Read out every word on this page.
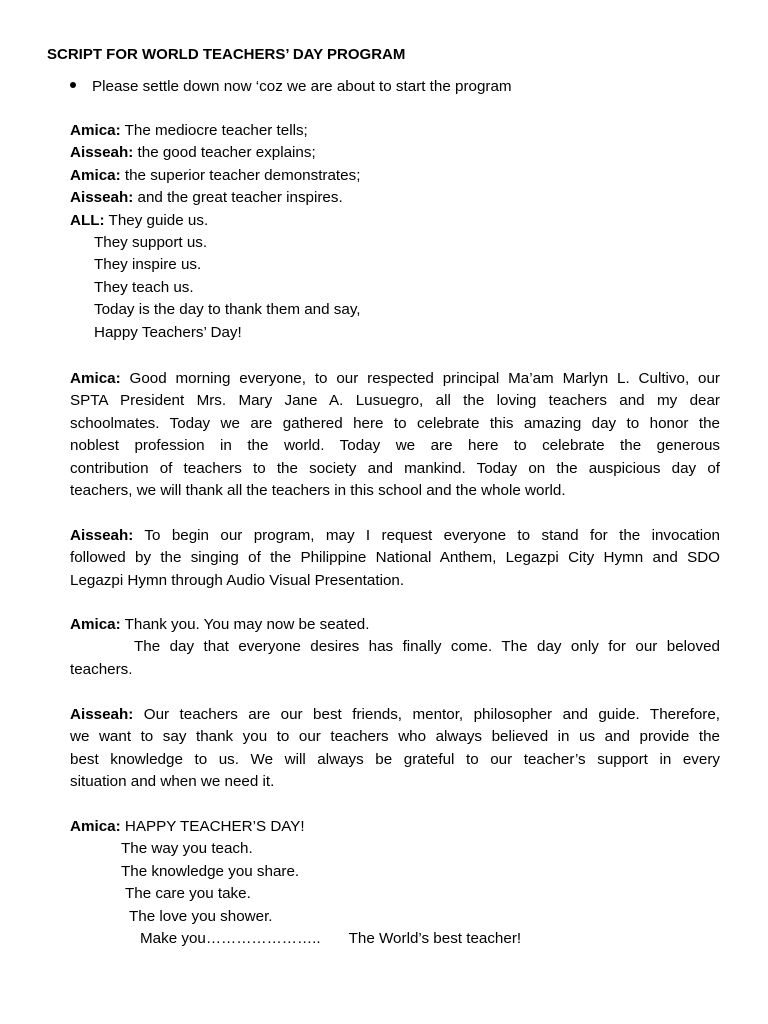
SCRIPT FOR WORLD TEACHERS’ DAY PROGRAM
Please settle down now ‘coz we are about to start the program
Amica: The mediocre teacher tells;
Aisseah: the good teacher explains;
Amica: the superior teacher demonstrates;
Aisseah: and the great teacher inspires.
ALL: They guide us.
They support us.
They inspire us.
They teach us.
Today is the day to thank them and say,
Happy Teachers’ Day!
Amica: Good morning everyone, to our respected principal Ma’am Marlyn L. Cultivo, our
SPTA President Mrs. Mary Jane A. Lusuegro, all the loving teachers and my dear
schoolmates. Today we are gathered here to celebrate this amazing day to honor the
noblest profession in the world. Today we are here to celebrate the generous
contribution of teachers to the society and mankind. Today on the auspicious day of
teachers, we will thank all the teachers in this school and the whole world.
Aisseah: To begin our program, may I request everyone to stand for the invocation
followed by the singing of the Philippine National Anthem, Legazpi City Hymn and SDO
Legazpi Hymn through Audio Visual Presentation.
Amica: Thank you. You may now be seated.
The day that everyone desires has finally come. The day only for our beloved
teachers.
Aisseah: Our teachers are our best friends, mentor, philosopher and guide. Therefore,
we want to say thank you to our teachers who always believed in us and provide the
best knowledge to us. We will always be grateful to our teacher’s support in every
situation and when we need it.
Amica: HAPPY TEACHER’S DAY!
The way you teach.
The knowledge you share.
The care you take.
The love you shower.
Make you………………….. The World’s best teacher!
